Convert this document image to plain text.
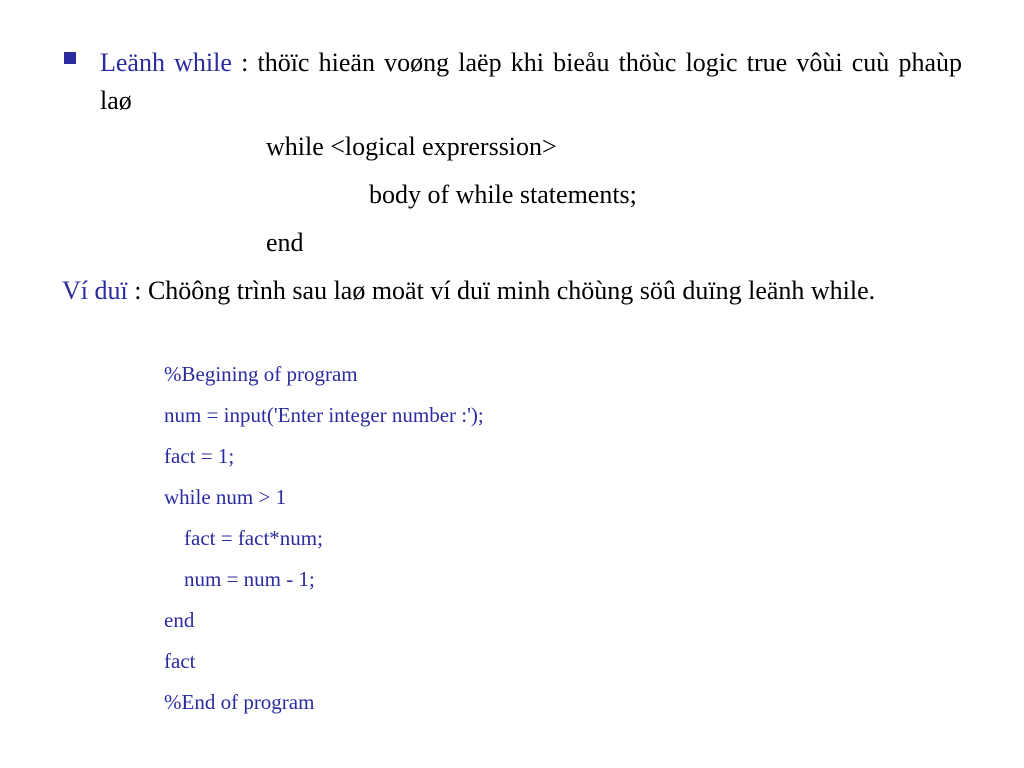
Leänh while : thöïc hieän voøng laëp khi bieåu thöùc logic true vôùi cuù phaùp laø
while <logical exprerssion>
body of while statements;
end
Ví duï : Chöông trình sau laø moät ví duï minh chöùng söû duïng leänh while.
%Begining of program
num = input('Enter integer number :');
fact = 1;
while num > 1
fact = fact*num;
num = num - 1;
end
fact
%End of program
